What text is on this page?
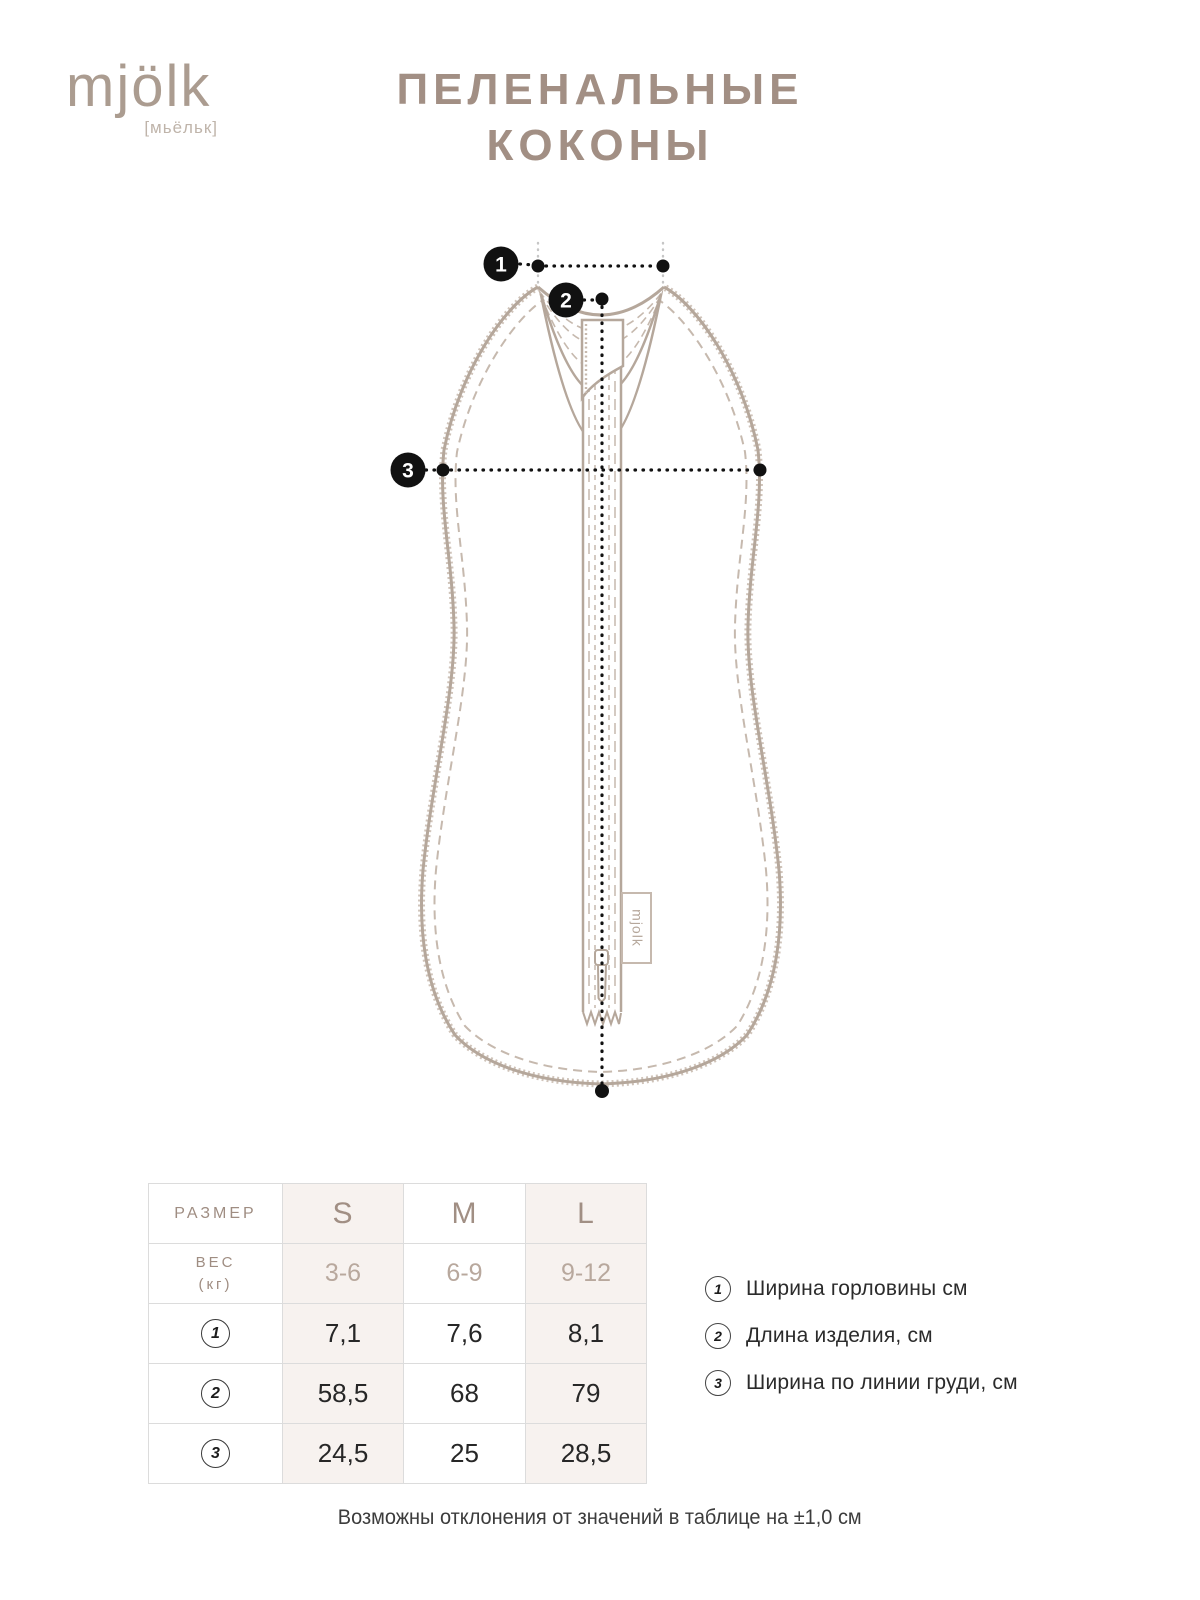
mjölk
[мьёльк]
ПЕЛЕНАЛЬНЫЕ
КОКОНЫ
mjolk
1
2
3
РАЗМЕР	S	M	L

ВЕС
(кг)	3-6	6-9	9-12
1	7,1	7,6	8,1
2	58,5	68	79
3	24,5	25	28,5
1	Ширина горловины см
2	Длина изделия, см
3	Ширина по линии груди, см
Возможны отклонения от значений в таблице на ±1,0 см
